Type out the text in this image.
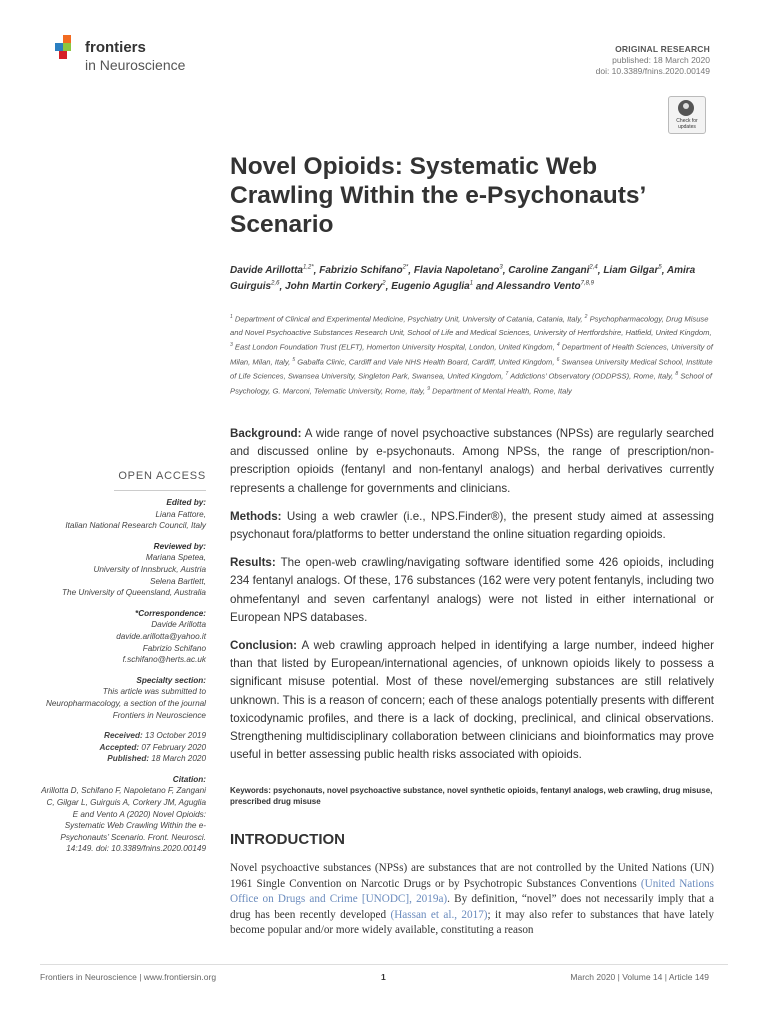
frontiers
in Neuroscience
ORIGINAL RESEARCH
published: 18 March 2020
doi: 10.3389/fnins.2020.00149
Check for updates
Novel Opioids: Systematic Web Crawling Within the e-Psychonauts’ Scenario
Davide Arillotta$^{1,2*}$, Fabrizio Schifano$^{2*}$, Flavia Napoletano$^3$, Caroline Zangani$^{2,4}$, Liam Gilgar$^5$, Amira Guirguis$^{2,6}$, John Martin Corkery$^2$, Eugenio Aguglia$^1$ and Alessandro Vento$^{7,8,9}$
$^1$ Department of Clinical and Experimental Medicine, Psychiatry Unit, University of Catania, Catania, Italy, $^2$ Psychopharmacology, Drug Misuse and Novel Psychoactive Substances Research Unit, School of Life and Medical Sciences, University of Hertfordshire, Hatfield, United Kingdom, $^3$ East London Foundation Trust (ELFT), Homerton University Hospital, London, United Kingdom, $^4$ Department of Health Sciences, University of Milan, Milan, Italy, $^5$ Gabalfa Clinic, Cardiff and Vale NHS Health Board, Cardiff, United Kingdom, $^6$ Swansea University Medical School, Institute of Life Sciences, Swansea University, Singleton Park, Swansea, United Kingdom, $^7$ Addictions’ Observatory (ODDPSS), Rome, Italy, $^8$ School of Psychology, G. Marconi, Telematic University, Rome, Italy, $^9$ Department of Mental Health, Rome, Italy

Background: A wide range of novel psychoactive substances (NPSs) are regularly searched and discussed online by e-psychonauts. Among NPSs, the range of prescription/non-prescription opioids (fentanyl and non-fentanyl analogs) and herbal derivatives currently represents a challenge for governments and clinicians.

Methods: Using a web crawler (i.e., NPS.Finder®), the present study aimed at assessing psychonaut fora/platforms to better understand the online situation regarding opioids.

Results: The open-web crawling/navigating software identified some 426 opioids, including 234 fentanyl analogs. Of these, 176 substances (162 were very potent fentanyls, including two ohmefentanyl and seven carfentanyl analogs) were not listed in either international or European NPS databases.

Conclusion: A web crawling approach helped in identifying a large number, indeed higher than that listed by European/international agencies, of unknown opioids likely to possess a significant misuse potential. Most of these novel/emerging substances are still relatively unknown. This is a reason of concern; each of these analogs potentially presents with different toxicodynamic profiles, and there is a lack of docking, preclinical, and clinical observations. Strengthening multidisciplinary collaboration between clinicians and bioinformatics may prove useful in better assessing public health risks associated with opioids.

Keywords: psychonauts, novel psychoactive substance, novel synthetic opioids, fentanyl analogs, web crawling, drug misuse, prescribed drug misuse
INTRODUCTION
Novel psychoactive substances (NPSs) are substances that are not controlled by the United Nations (UN) 1961 Single Convention on Narcotic Drugs or by Psychotropic Substances Conventions (United Nations Office on Drugs and Crime [UNODC], 2019a). By definition, “novel” does not necessarily imply that a drug has been recently developed (Hassan et al., 2017); it may also refer to substances that have lately become popular and/or more widely available, constituting a reason
OPEN ACCESS
Edited by:
Liana Fattore,
Italian National Research Council, Italy
Reviewed by:
Mariana Spetea,
University of Innsbruck, Austria
Selena Bartlett,
The University of Queensland, Australia
*Correspondence:
Davide Arillotta
davide.arillotta@yahoo.it
Fabrizio Schifano
f.schifano@herts.ac.uk
Specialty section:
This article was submitted to Neuropharmacology, a section of the journal Frontiers in Neuroscience
Received: 13 October 2019
Accepted: 07 February 2020
Published: 18 March 2020
Citation:
Arillotta D, Schifano F, Napoletano F, Zangani C, Gilgar L, Guirguis A, Corkery JM, Aguglia E and Vento A (2020) Novel Opioids: Systematic Web Crawling Within the e-Psychonauts’ Scenario. Front. Neurosci. 14:149. doi: 10.3389/fnins.2020.00149
Frontiers in Neuroscience | www.frontiersin.org	1	March 2020 | Volume 14 | Article 149
